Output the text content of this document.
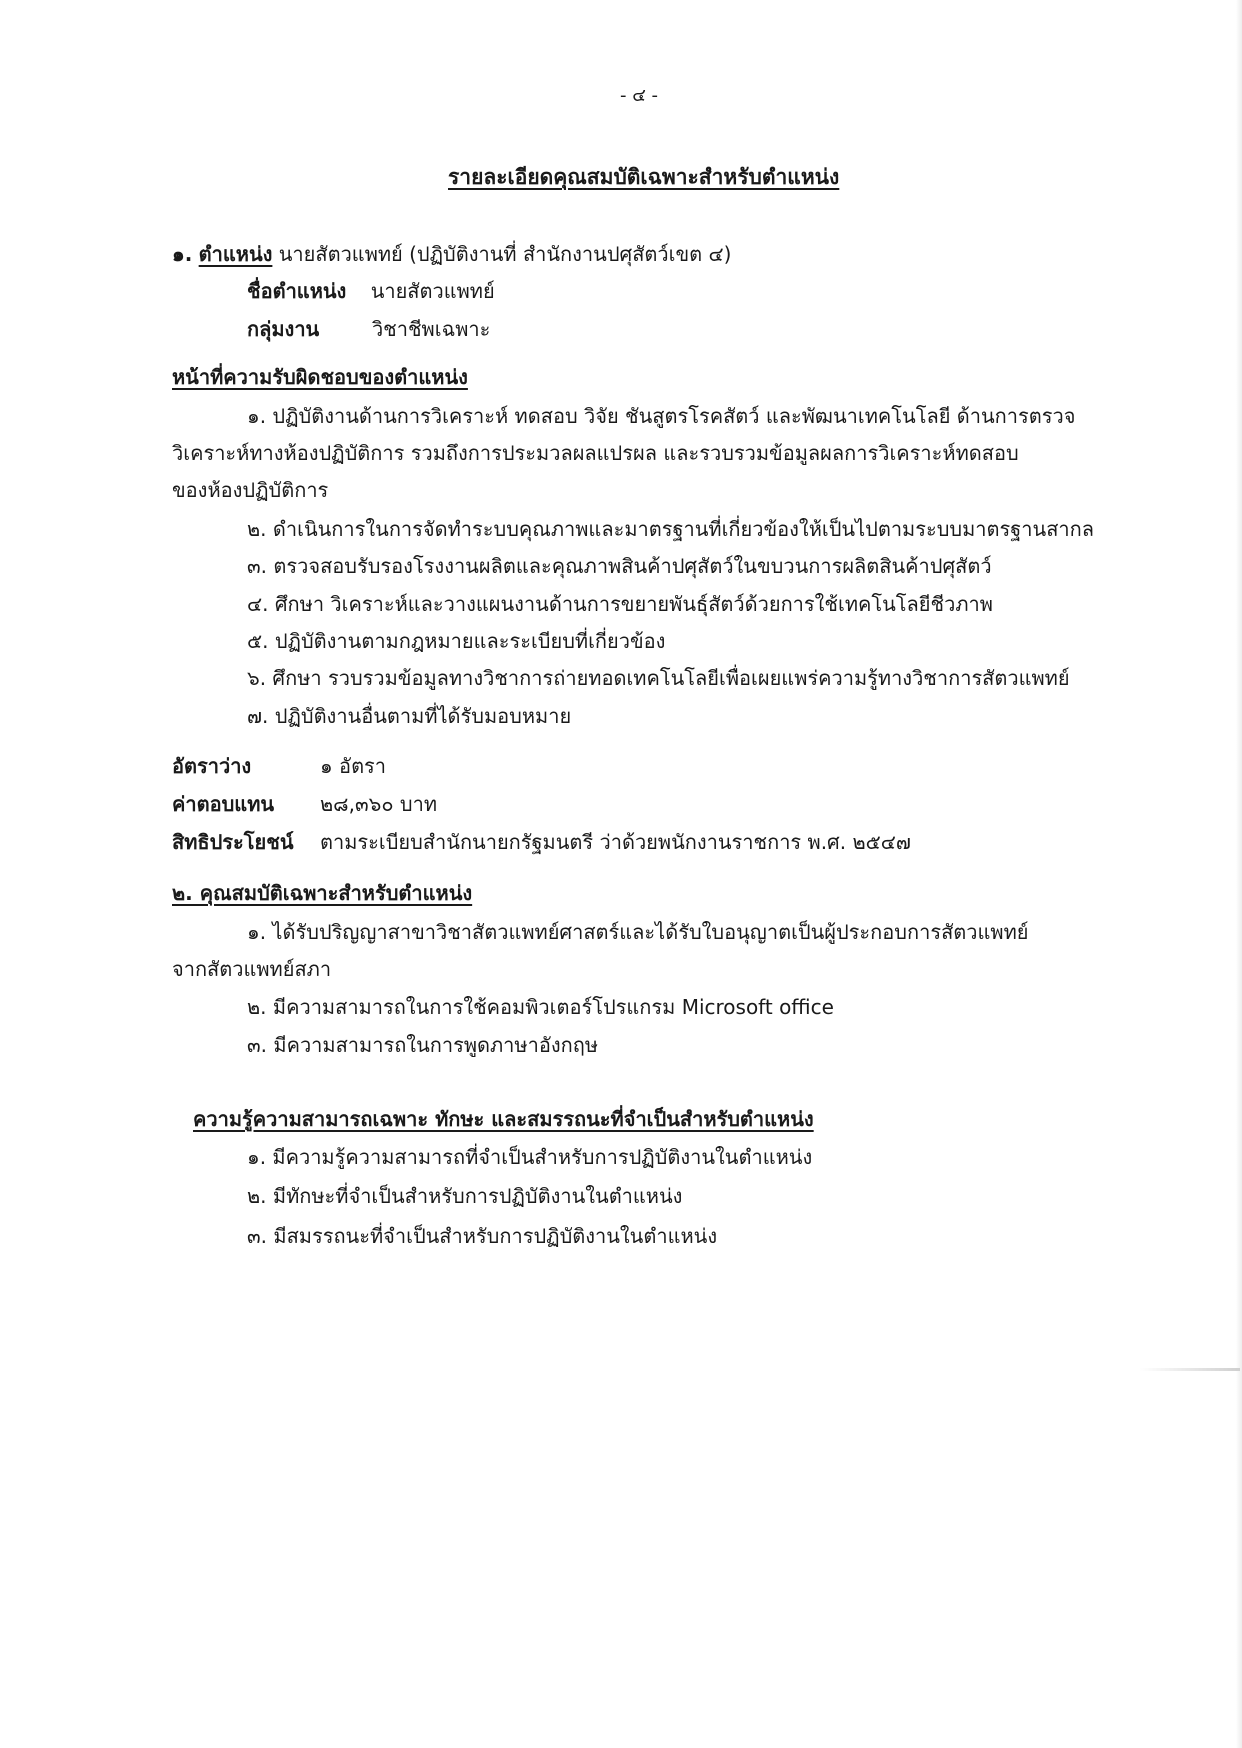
- ๔ -
รายละเอียดคุณสมบัติเฉพาะสำหรับตำแหน่ง
๑. ตำแหน่ง นายสัตวแพทย์ (ปฏิบัติงานที่ สำนักงานปศุสัตว์เขต ๔)
ชื่อตำแหน่ง นายสัตวแพทย์
กลุ่มงาน	วิชาชีพเฉพาะ
หน้าที่ความรับผิดชอบของตำแหน่ง
๑. ปฏิบัติงานด้านการวิเคราะห์ ทดสอบ วิจัย ชันสูตรโรคสัตว์ และพัฒนาเทคโนโลยี ด้านการตรวจ
วิเคราะห์ทางห้องปฏิบัติการ รวมถึงการประมวลผลแปรผล และรวบรวมข้อมูลผลการวิเคราะห์ทดสอบ
ของห้องปฏิบัติการ
๒. ดำเนินการในการจัดทำระบบคุณภาพและมาตรฐานที่เกี่ยวข้องให้เป็นไปตามระบบมาตรฐานสากล
๓. ตรวจสอบรับรองโรงงานผลิตและคุณภาพสินค้าปศุสัตว์ในขบวนการผลิตสินค้าปศุสัตว์
๔. ศึกษา วิเคราะห์และวางแผนงานด้านการขยายพันธุ์สัตว์ด้วยการใช้เทคโนโลยีชีวภาพ
๕. ปฏิบัติงานตามกฎหมายและระเบียบที่เกี่ยวข้อง
๖. ศึกษา รวบรวมข้อมูลทางวิชาการถ่ายทอดเทคโนโลยีเพื่อเผยแพร่ความรู้ทางวิชาการสัตวแพทย์
๗. ปฏิบัติงานอื่นตามที่ได้รับมอบหมาย
อัตราว่าง	๑ อัตรา
ค่าตอบแทน ๒๘,๓๖๐ บาท
สิทธิประโยชน์ ตามระเบียบสำนักนายกรัฐมนตรี ว่าด้วยพนักงานราชการ พ.ศ. ๒๕๔๗
๒. คุณสมบัติเฉพาะสำหรับตำแหน่ง
๑. ได้รับปริญญาสาขาวิชาสัตวแพทย์ศาสตร์และได้รับใบอนุญาตเป็นผู้ประกอบการสัตวแพทย์
จากสัตวแพทย์สภา
๒. มีความสามารถในการใช้คอมพิวเตอร์โปรแกรม Microsoft office
๓. มีความสามารถในการพูดภาษาอังกฤษ
ความรู้ความสามารถเฉพาะ ทักษะ และสมรรถนะที่จำเป็นสำหรับตำแหน่ง
๑. มีความรู้ความสามารถที่จำเป็นสำหรับการปฏิบัติงานในตำแหน่ง
๒. มีทักษะที่จำเป็นสำหรับการปฏิบัติงานในตำแหน่ง
๓. มีสมรรถนะที่จำเป็นสำหรับการปฏิบัติงานในตำแหน่ง
